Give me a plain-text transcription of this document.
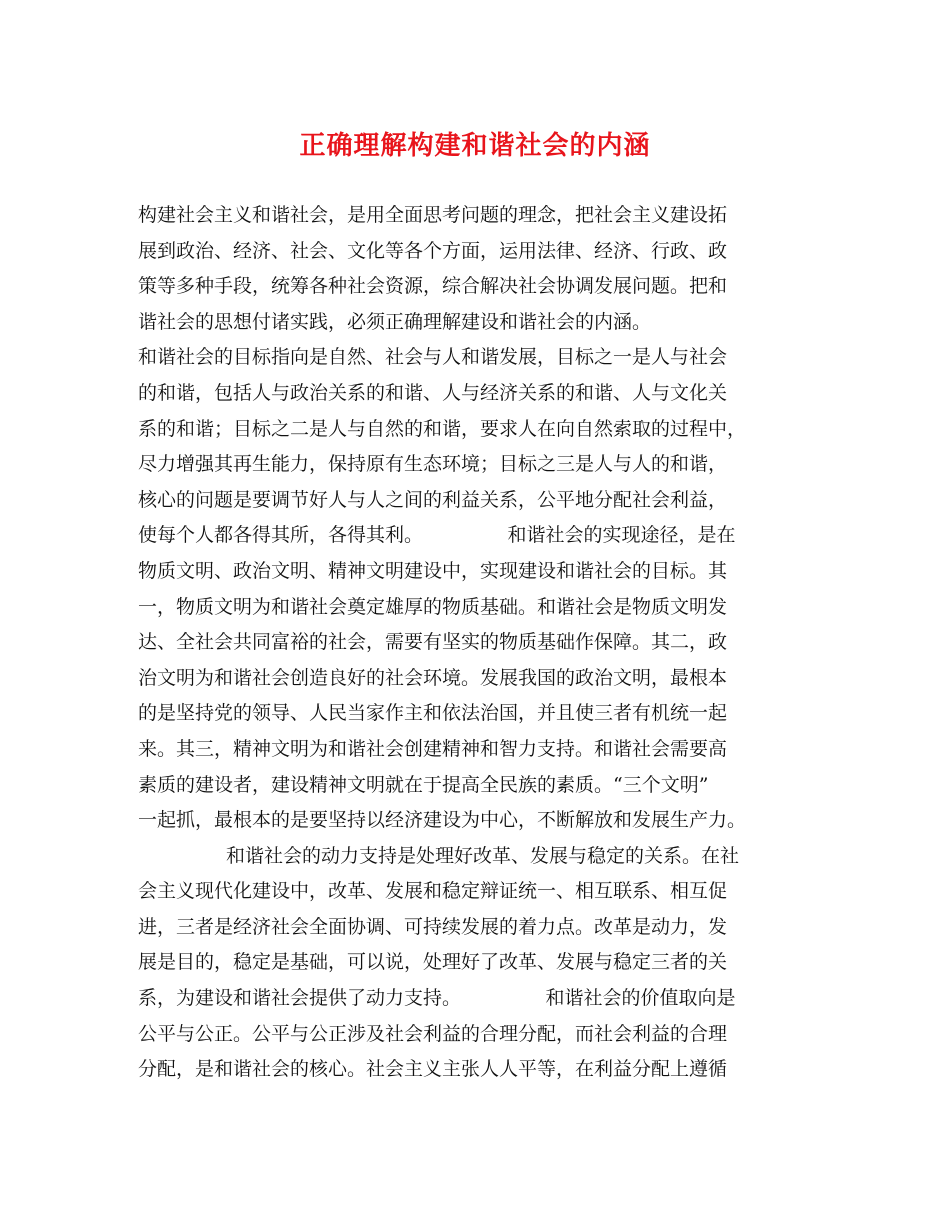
正确理解构建和谐社会的内涵
构建社会主义和谐社会，是用全面思考问题的理念，把社会主义建设拓
展到政治、经济、社会、文化等各个方面，运用法律、经济、行政、政
策等多种手段，统筹各种社会资源，综合解决社会协调发展问题。把和
谐社会的思想付诸实践，必须正确理解建设和谐社会的内涵。
和谐社会的目标指向是自然、社会与人和谐发展，目标之一是人与社会
的和谐，包括人与政治关系的和谐、人与经济关系的和谐、人与文化关
系的和谐；目标之二是人与自然的和谐，要求人在向自然索取的过程中，
尽力增强其再生能力，保持原有生态环境；目标之三是人与人的和谐，
核心的问题是要调节好人与人之间的利益关系，公平地分配社会利益，
使每个人都各得其所，各得其利。              和谐社会的实现途径，是在
物质文明、政治文明、精神文明建设中，实现建设和谐社会的目标。其
一，物质文明为和谐社会奠定雄厚的物质基础。和谐社会是物质文明发
达、全社会共同富裕的社会，需要有坚实的物质基础作保障。其二，政
治文明为和谐社会创造良好的社会环境。发展我国的政治文明，最根本
的是坚持党的领导、人民当家作主和依法治国，并且使三者有机统一起
来。其三，精神文明为和谐社会创建精神和智力支持。和谐社会需要高
素质的建设者，建设精神文明就在于提高全民族的素质。“三个文明”
一起抓，最根本的是要坚持以经济建设为中心，不断解放和发展生产力。
和谐社会的动力支持是处理好改革、发展与稳定的关系。在社
会主义现代化建设中，改革、发展和稳定辩证统一、相互联系、相互促
进，三者是经济社会全面协调、可持续发展的着力点。改革是动力，发
展是目的，稳定是基础，可以说，处理好了改革、发展与稳定三者的关
系，为建设和谐社会提供了动力支持。              和谐社会的价值取向是
公平与公正。公平与公正涉及社会利益的合理分配，而社会利益的合理
分配，是和谐社会的核心。社会主义主张人人平等，在利益分配上遵循
